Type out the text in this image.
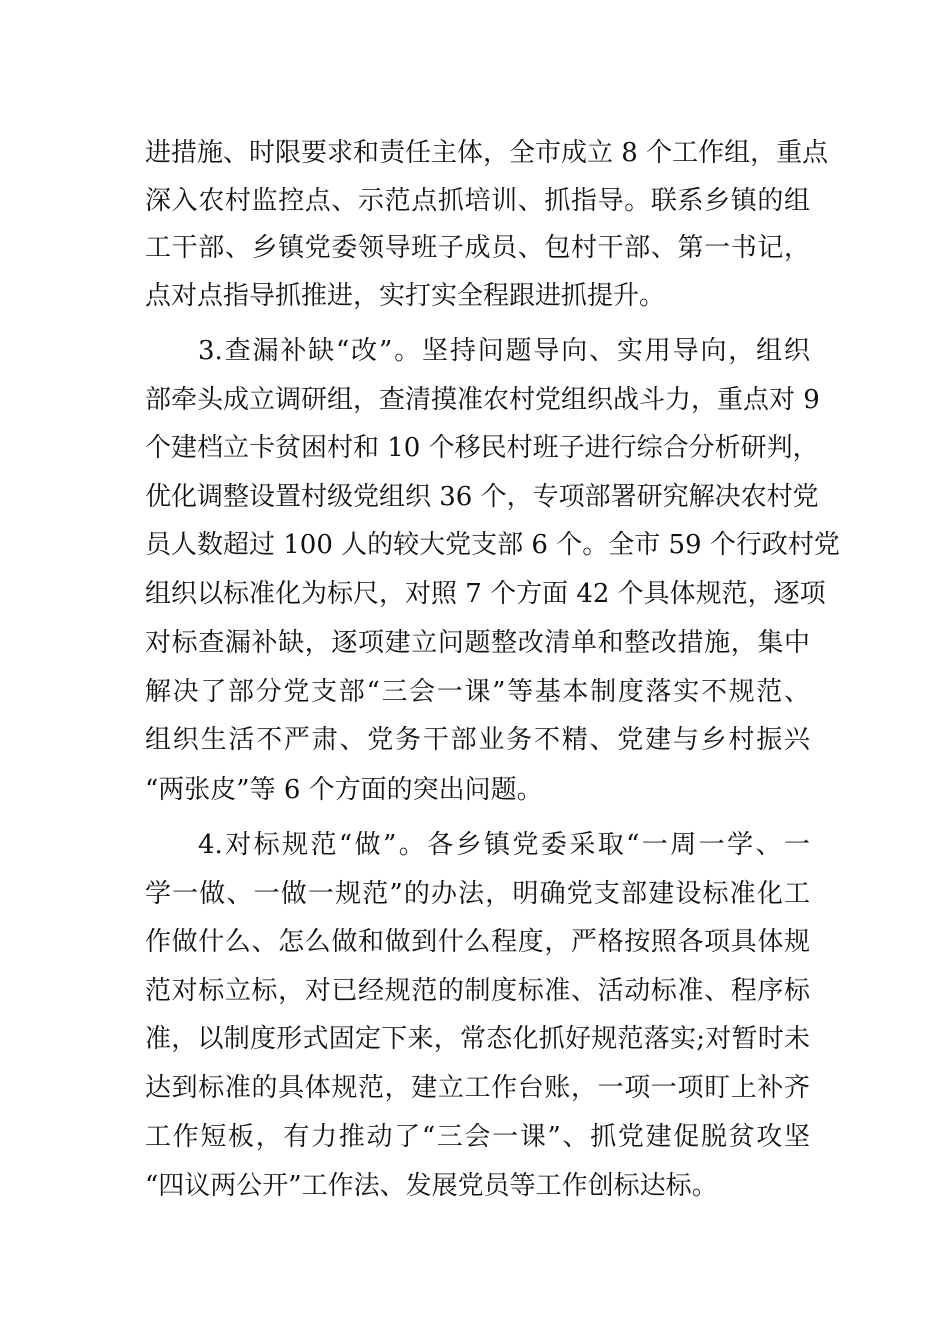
进措施、时限要求和责任主体，全市成立 8 个工作组，重点
深入农村监控点、示范点抓培训、抓指导。联系乡镇的组
工干部、乡镇党委领导班子成员、包村干部、第一书记，
点对点指导抓推进，实打实全程跟进抓提升。
3.查漏补缺“改”。坚持问题导向、实用导向，组织
部牵头成立调研组，查清摸准农村党组织战斗力，重点对 9
个建档立卡贫困村和 10 个移民村班子进行综合分析研判，
优化调整设置村级党组织 36 个，专项部署研究解决农村党
员人数超过 100 人的较大党支部 6 个。全市 59 个行政村党
组织以标准化为标尺，对照 7 个方面 42 个具体规范，逐项
对标查漏补缺，逐项建立问题整改清单和整改措施，集中
解决了部分党支部“三会一课”等基本制度落实不规范、
组织生活不严肃、党务干部业务不精、党建与乡村振兴
“两张皮”等 6 个方面的突出问题。
4.对标规范“做”。各乡镇党委采取“一周一学、一
学一做、一做一规范”的办法，明确党支部建设标准化工
作做什么、怎么做和做到什么程度，严格按照各项具体规
范对标立标，对已经规范的制度标准、活动标准、程序标
准，以制度形式固定下来，常态化抓好规范落实;对暂时未
达到标准的具体规范，建立工作台账，一项一项盯上补齐
工作短板，有力推动了“三会一课”、抓党建促脱贫攻坚
“四议两公开”工作法、发展党员等工作创标达标。
